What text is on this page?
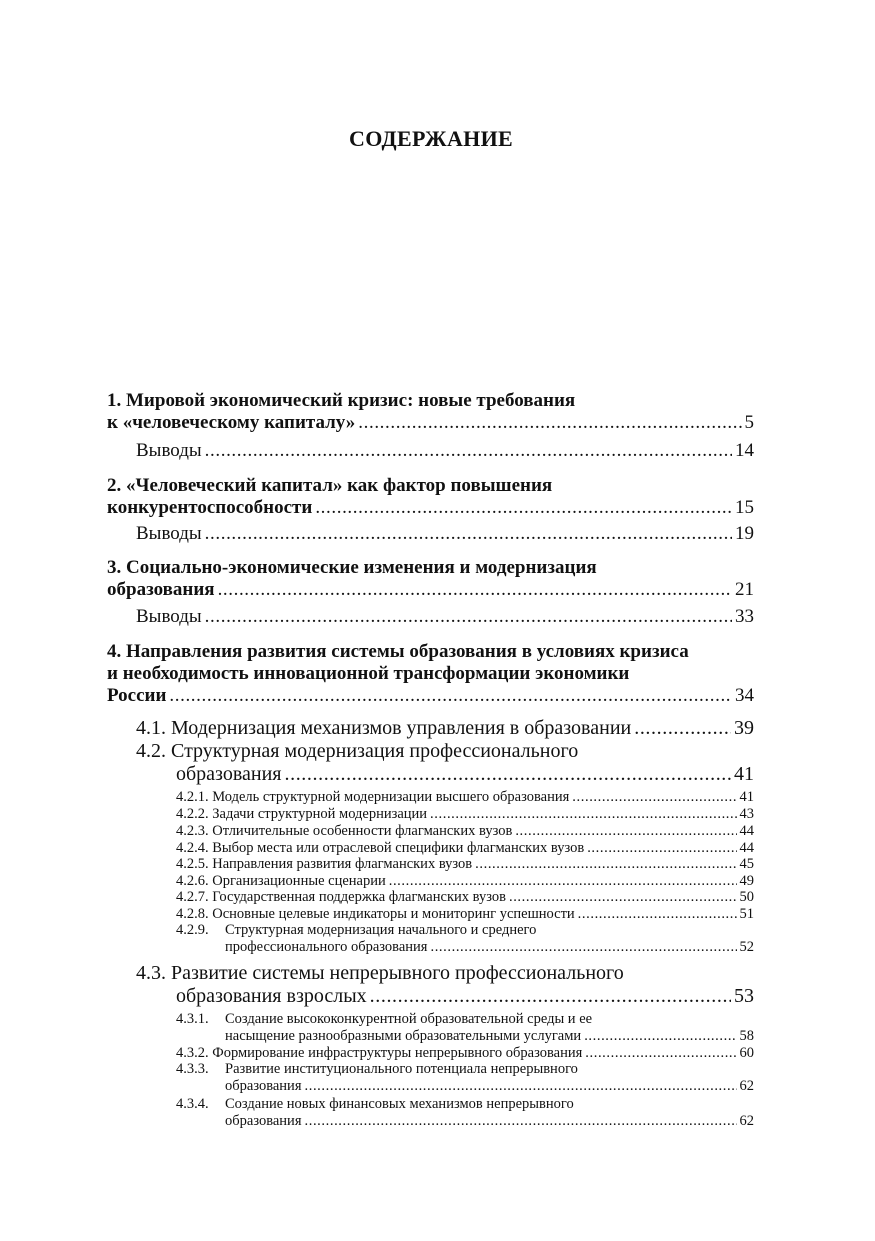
СОДЕРЖАНИЕ
1. Мировой экономический кризис: новые требования
к «человеческому капиталу» .....	5
Выводы .....	14
2. «Человеческий капитал» как фактор повышения
конкурентоспособности .....	15
Выводы .....	19
3. Социально-экономические изменения и модернизация
образования .....	21
Выводы .....	33
4. Направления развития системы образования в условиях кризиса
и необходимость инновационной трансформации экономики
России .....	34
4.1. Модернизация механизмов управления в образовании .....	39
4.2. Структурная модернизация профессионального
образования .....	41
4.2.1. Модель структурной модернизации высшего образования .....	41
4.2.2. Задачи структурной модернизации .....	43
4.2.3. Отличительные особенности флагманских вузов .....	44
4.2.4. Выбор места или отраслевой специфики флагманских вузов .....	44
4.2.5. Направления развития флагманских вузов .....	45
4.2.6. Организационные сценарии .....	49
4.2.7. Государственная поддержка флагманских вузов .....	50
4.2.8. Основные целевые индикаторы и мониторинг успешности .....	51
4.2.9. Структурная модернизация начального и среднего
профессионального образования .....	52
4.3. Развитие системы непрерывного профессионального
образования взрослых .....	53
4.3.1. Создание высококонкурентной образовательной среды и ее
насыщение разнообразными образовательными услугами .....	58
4.3.2. Формирование инфраструктуры непрерывного образования .....	60
4.3.3. Развитие институционального потенциала непрерывного
образования .....	62
4.3.4. Создание новых финансовых механизмов непрерывного
образования .....	62
